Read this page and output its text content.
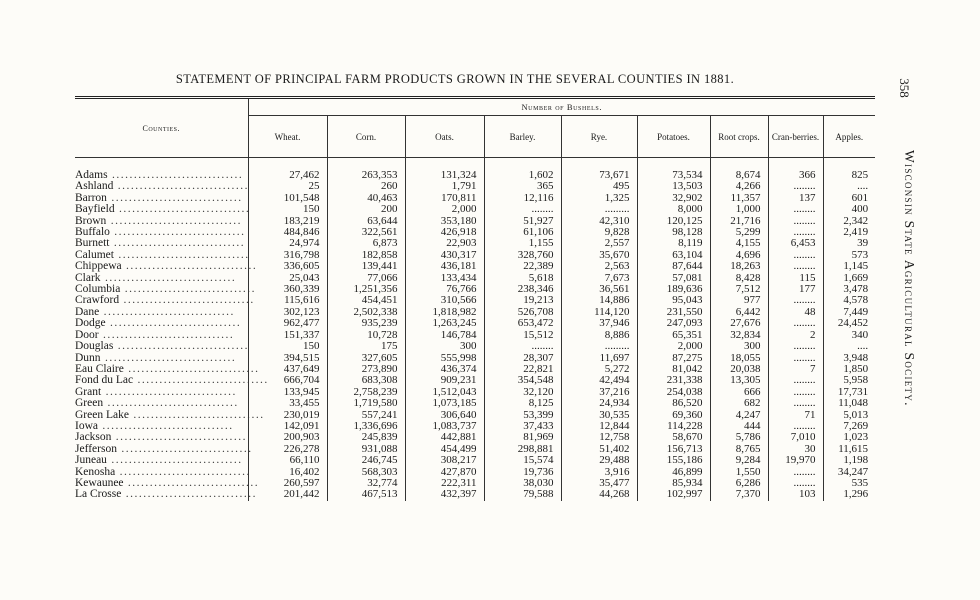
STATEMENT OF PRINCIPAL FARM PRODUCTS GROWN IN THE SEVERAL COUNTIES IN 1881.	358
Wisconsin State Agricultural Society.
Counties.	Number of Bushels.								
	Wheat.	Corn.	Oats.	Barley.	Rye.	Potatoes.	Root crops.	Cran-berries.	Apples.
Adams ..............................	27,462	263,353	131,324	1,602	73,671	73,534	8,674	366	825
Ashland ..............................	25	260	1,791	365	495	13,503	4,266	........	....
Barron ..............................	101,548	40,463	170,811	12,116	1,325	32,902	11,357	137	601
Bayfield ..............................	150	200	2,000	........	.........	8,000	1,000	........	400
Brown ..............................	183,219	63,644	353,180	51,927	42,310	120,125	21,716	........	2,342
Buffalo ..............................	484,846	322,561	426,918	61,106	9,828	98,128	5,299	........	2,419
Burnett ..............................	24,974	6,873	22,903	1,155	2,557	8,119	4,155	6,453	39
Calumet ..............................	316,798	182,858	430,317	328,760	35,670	63,104	4,696	........	573
Chippewa ..............................	336,605	139,441	436,181	22,389	2,563	87,644	18,263	........	1,145
Clark ..............................	25,043	77,066	133,434	5,618	7,673	57,081	8,428	115	1,669
Columbia ..............................	360,339	1,251,356	76,766	238,346	36,561	189,636	7,512	177	3,478
Crawford ..............................	115,616	454,451	310,566	19,213	14,886	95,043	977	........	4,578
Dane ..............................	302,123	2,502,338	1,818,982	526,708	114,120	231,550	6,442	48	7,449
Dodge ..............................	962,477	935,239	1,263,245	653,472	37,946	247,093	27,676	........	24,452
Door ..............................	151,337	10,728	146,784	15,512	8,886	65,351	32,834	2	340
Douglas ..............................	150	175	300	........	.........	2,000	300	........	....
Dunn ..............................	394,515	327,605	555,998	28,307	11,697	87,275	18,055	........	3,948
Eau Claire ..............................	437,649	273,890	436,374	22,821	5,272	81,042	20,038	7	1,850
Fond du Lac ..............................	666,704	683,308	909,231	354,548	42,494	231,338	13,305	........	5,958
Grant ..............................	133,945	2,758,239	1,512,043	32,120	37,216	254,038	666	........	17,731
Green ..............................	33,455	1,719,580	1,073,185	8,125	24,934	86,520	682	........	11,048
Green Lake ..............................	230,019	557,241	306,640	53,399	30,535	69,360	4,247	71	5,013
Iowa ..............................	142,091	1,336,696	1,083,737	37,433	12,844	114,228	444	........	7,269
Jackson ..............................	200,903	245,839	442,881	81,969	12,758	58,670	5,786	7,010	1,023
Jefferson ..............................	226,278	931,088	454,499	298,881	51,402	156,713	8,765	30	11,615
Juneau ..............................	66,110	246,745	308,217	15,574	29,488	155,186	9,284	19,970	1,198
Kenosha ..............................	16,402	568,303	427,870	19,736	3,916	46,899	1,550	........	34,247
Kewaunee ..............................	260,597	32,774	222,311	38,030	35,477	85,934	6,286	........	535
La Crosse ..............................	201,442	467,513	432,397	79,588	44,268	102,997	7,370	103	1,296
